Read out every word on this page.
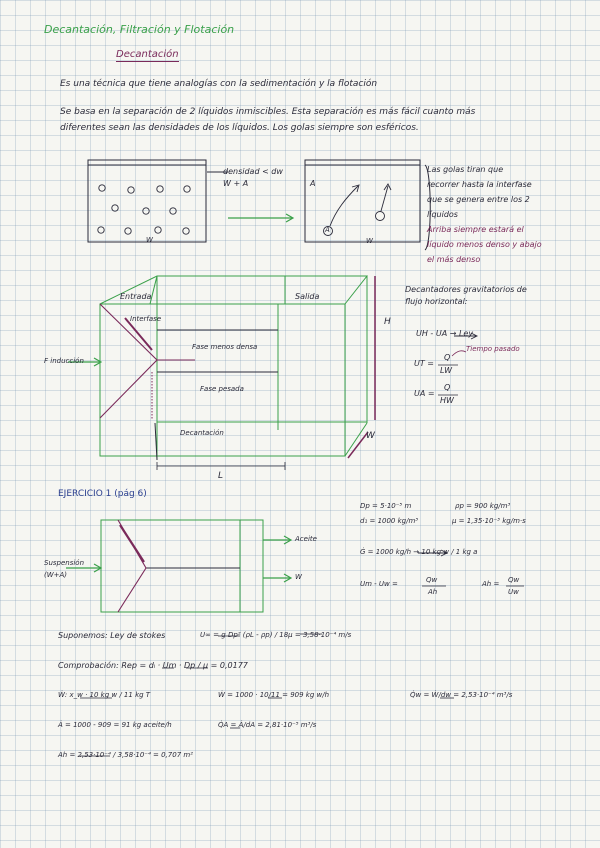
Decantación, Filtración y Flotación
Decantación
Es una técnica que tiene analogías con la sedimentación y la flotación
Se basa en la separación de 2 líquidos inmiscibles. Esta separación es más fácil cuanto más
diferentes sean las densidades de los líquidos. Los golas siempre son esféricos.
densidad < dw
W + A
W
A
W
A
Las golas tiran que
recorrer hasta la interfase
que se genera entre los 2
líquidos
Arriba siempre estará el
líquido menos denso y abajo
el más denso
Entrada	Salida
Interfase
F inducción
Fase menos densa
Fase pesada
Decantación
H
W
L
Decantadores gravitatorios de
flujo horizontal:
UH - UA → Ley
Tiempo pasado
UT =
Q
LW
UA =
Q
HW
EJERCICIO 1 (pág 6)
Aceite
W
Suspensión
(W+A)
Dp = 5·10⁻⁵ m	ρp = 900 kg/m³
d₁ = 1000 kg/m³	μ = 1,35·10⁻³ kg/m·s
Ġ = 1000 kg/h → 10 kg w / 1 kg a
Um - Uw =	Qw
Ah
Ah = Qw
Uw
Suponemos: Ley de stokes	U∞ = g Dp² (ρL - ρp) / 18μ = 3,58·10⁻⁴ m/s
Comprobación: Rep = dₗ · Um · Dp / μ = 0,0177
Ẇ: x_w · 10 kg w / 11 kg T	Ẇ = 1000 · 10/11 = 909 kg w/h	Q̇w = Ẇ/dw = 2,53·10⁻⁴ m³/s
Ȧ = 1000 - 909 = 91 kg aceite/h	Q̇A = Ȧ/dA = 2,81·10⁻⁵ m³/s
Ah = 2,53·10⁻⁴ / 3,58·10⁻⁴ = 0,707 m²
